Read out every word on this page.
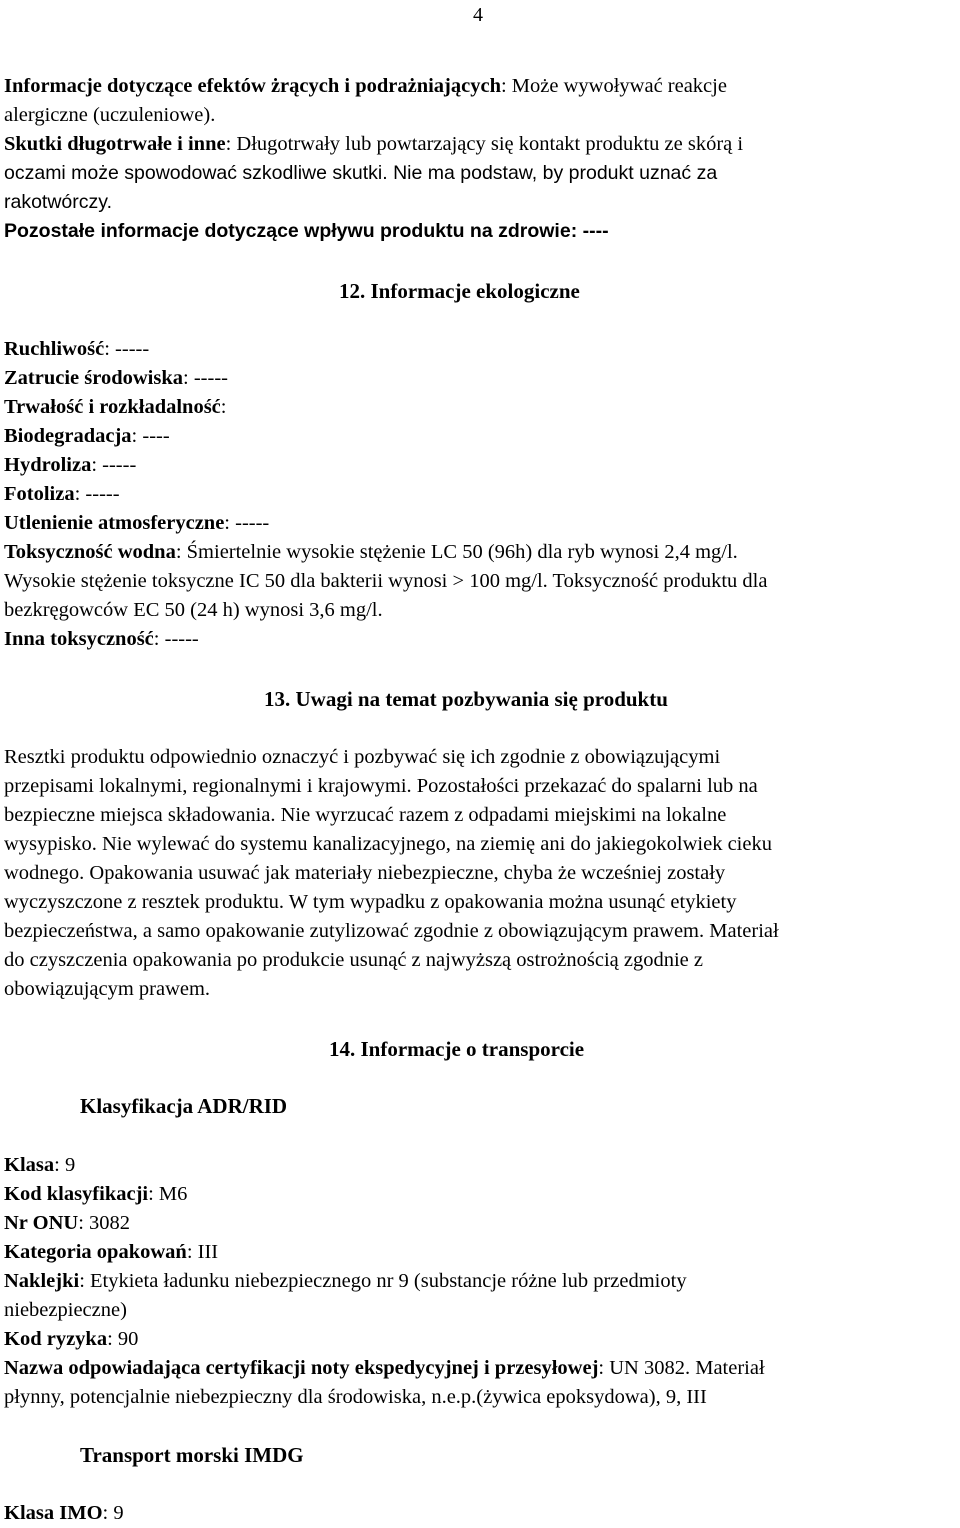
4
Informacje dotyczące efektów żrących i podrażniających: Może wywoływać reakcje
alergiczne (uczuleniowe).
Skutki długotrwałe i inne: Długotrwały lub powtarzający się kontakt produktu ze skórą i
oczami może spowodować szkodliwe skutki. Nie ma podstaw, by produkt uznać za
rakotwórczy.
Pozostałe informacje dotyczące wpływu produktu na zdrowie: ----
12. Informacje ekologiczne
Ruchliwość: -----
Zatrucie środowiska: -----
Trwałość i rozkładalność:
Biodegradacja: ----
Hydroliza: -----
Fotoliza: -----
Utlenienie atmosferyczne: -----
Toksyczność wodna: Śmiertelnie wysokie stężenie LC 50 (96h) dla ryb wynosi 2,4 mg/l.
Wysokie stężenie toksyczne IC 50 dla bakterii wynosi > 100 mg/l. Toksyczność produktu dla
bezkręgowców EC 50 (24 h) wynosi 3,6 mg/l.
Inna toksyczność: -----
13. Uwagi na temat pozbywania się produktu
Resztki produktu odpowiednio oznaczyć i pozbywać się ich zgodnie z obowiązującymi
przepisami lokalnymi, regionalnymi i krajowymi. Pozostałości przekazać do spalarni lub na
bezpieczne miejsca składowania. Nie wyrzucać razem z odpadami miejskimi na lokalne
wysypisko. Nie wylewać do systemu kanalizacyjnego, na ziemię ani do jakiegokolwiek cieku
wodnego. Opakowania usuwać jak materiały niebezpieczne, chyba że wcześniej zostały
wyczyszczone z resztek produktu. W tym wypadku z opakowania można usunąć etykiety
bezpieczeństwa, a samo opakowanie zutylizować zgodnie z obowiązującym prawem. Materiał
do czyszczenia opakowania po produkcie usunąć z najwyższą ostrożnością zgodnie z
obowiązującym prawem.
14. Informacje o transporcie
Klasyfikacja ADR/RID
Klasa: 9
Kod klasyfikacji: M6
Nr ONU: 3082
Kategoria opakowań: III
Naklejki: Etykieta ładunku niebezpiecznego nr 9 (substancje różne lub przedmioty
niebezpieczne)
Kod ryzyka: 90
Nazwa odpowiadająca certyfikacji noty ekspedycyjnej i przesyłowej: UN 3082. Materiał
płynny, potencjalnie niebezpieczny dla środowiska, n.e.p.(żywica epoksydowa), 9, III
Transport morski IMDG
Klasa IMO: 9
